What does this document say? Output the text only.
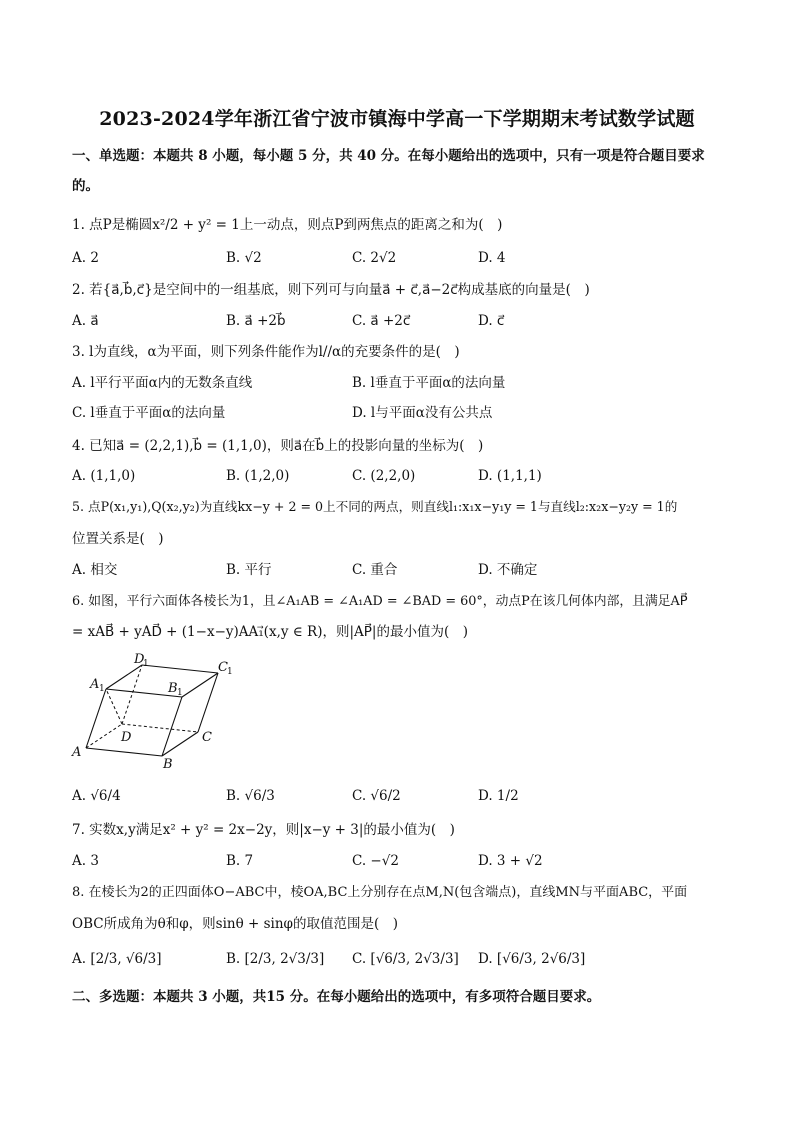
2023-2024学年浙江省宁波市镇海中学高一下学期期末考试数学试题
一、单选题：本题共 8 小题，每小题 5 分，共 40 分。在每小题给出的选项中，只有一项是符合题目要求
的。
1. 点P是椭圆x²/2 + y² = 1上一动点，则点P到两焦点的距离之和为(　)
A. 2	B. √2	C. 2√2	D. 4
2. 若{a⃗,b⃗,c⃗}是空间中的一组基底，则下列可与向量a⃗ + c⃗,a⃗−2c⃗构成基底的向量是(　)
A. a⃗	B. a⃗ +2b⃗	C. a⃗ +2c⃗	D. c⃗
3. l为直线，α为平面，则下列条件能作为l//α的充要条件的是(　)
A. l平行平面α内的无数条直线	B. l垂直于平面α的法向量
C. l垂直于平面α的法向量	D. l与平面α没有公共点
4. 已知a⃗ = (2,2,1),b⃗ = (1,1,0)，则a⃗在b⃗上的投影向量的坐标为(　)
A. (1,1,0)	B. (1,2,0)	C. (2,2,0)	D. (1,1,1)
5. 点P(x₁,y₁),Q(x₂,y₂)为直线kx−y + 2 = 0上不同的两点，则直线l₁:x₁x−y₁y = 1与直线l₂:x₂x−y₂y = 1的
位置关系是(　)
A. 相交	B. 平行	C. 重合	D. 不确定
6. 如图，平行六面体各棱长为1，且∠A₁AB = ∠A₁AD = ∠BAD = 60°，动点P在该几何体内部，且满足AP⃗
= xAB⃗ + yAD⃗ + (1−x−y)AA₁⃗(x,y ∈ R)，则|AP⃗|的最小值为(　)
D
1	C 1
A 1	B 1
D	C
A
B
A. √6/4	B. √6/3	C. √6/2	D. 1/2
7. 实数x,y满足x² + y² = 2x−2y，则|x−y + 3|的最小值为(　)
A. 3	B. 7	C. −√2	D. 3 + √2
8. 在棱长为2的正四面体O−ABC中，棱OA,BC上分别存在点M,N(包含端点)，直线MN与平面ABC，平面
OBC所成角为θ和φ，则sinθ + sinφ的取值范围是(　)
A. [2/3, √6/3]	B. [2/3, 2√3/3] C. [√6/3, 2√3/3] D. [√6/3, 2√6/3]
二、多选题：本题共 3 小题，共15 分。在每小题给出的选项中，有多项符合题目要求。
